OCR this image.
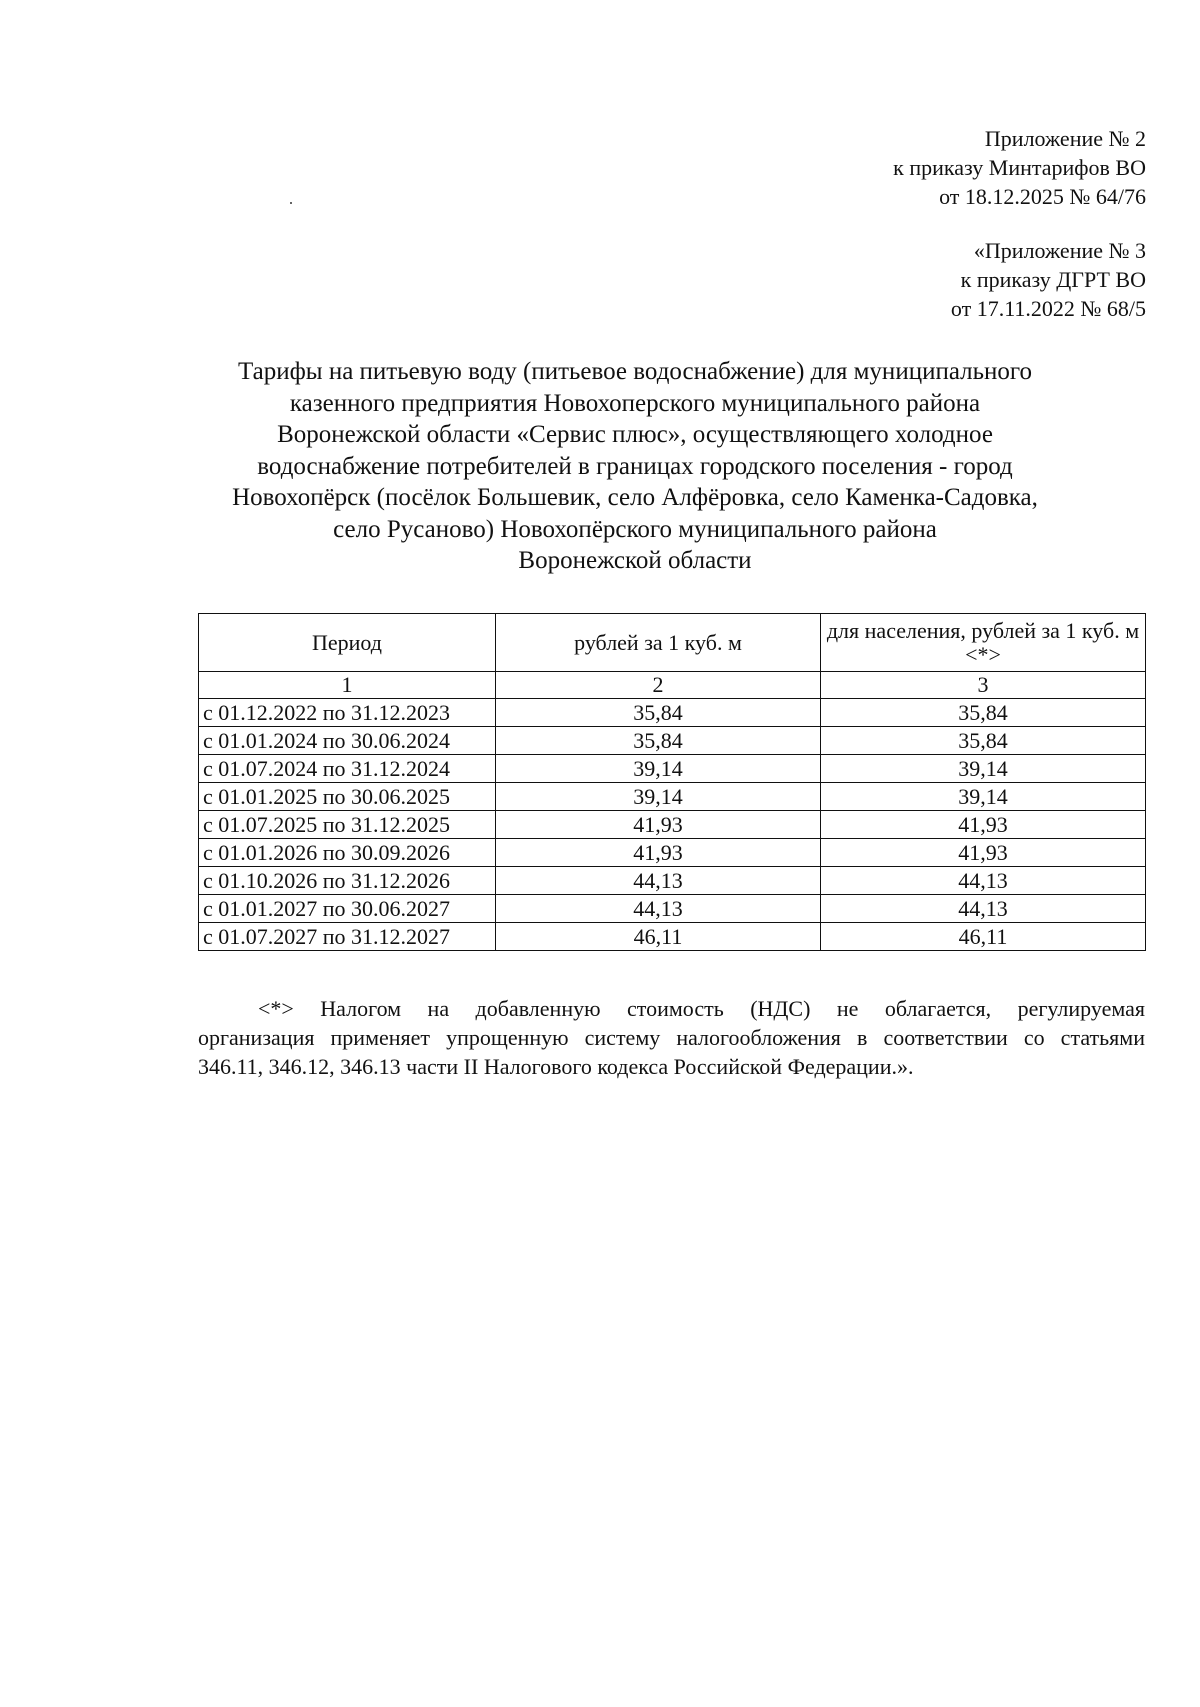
Приложение № 2
к приказу Минтарифов ВО
от 18.12.2025 № 64/76
«Приложение № 3
к приказу ДГРТ ВО
от 17.11.2022 № 68/5
Тарифы на питьевую воду (питьевое водоснабжение) для муниципального
казенного предприятия Новохоперского муниципального района
Воронежской области «Сервис плюс», осуществляющего холодное
водоснабжение потребителей в границах городского поселения - город
Новохопёрск (посёлок Большевик, село Алфёровка, село Каменка-Садовка,
село Русаново) Новохопёрского муниципального района
Воронежской области
Период	рублей за 1 куб. м	для населения, рублей за 1 куб. м <*>
1	2	3
с 01.12.2022 по 31.12.2023	35,84	35,84
с 01.01.2024 по 30.06.2024	35,84	35,84
с 01.07.2024 по 31.12.2024	39,14	39,14
с 01.01.2025 по 30.06.2025	39,14	39,14
с 01.07.2025 по 31.12.2025	41,93	41,93
с 01.01.2026 по 30.09.2026	41,93	41,93
с 01.10.2026 по 31.12.2026	44,13	44,13
с 01.01.2027 по 30.06.2027	44,13	44,13
с 01.07.2027 по 31.12.2027	46,11	46,11
<*> Налогом на добавленную стоимость (НДС) не облагается, регулируемая
организация применяет упрощенную систему налогообложения в соответствии со статьями
346.11, 346.12, 346.13 части II Налогового кодекса Российской Федерации.».
